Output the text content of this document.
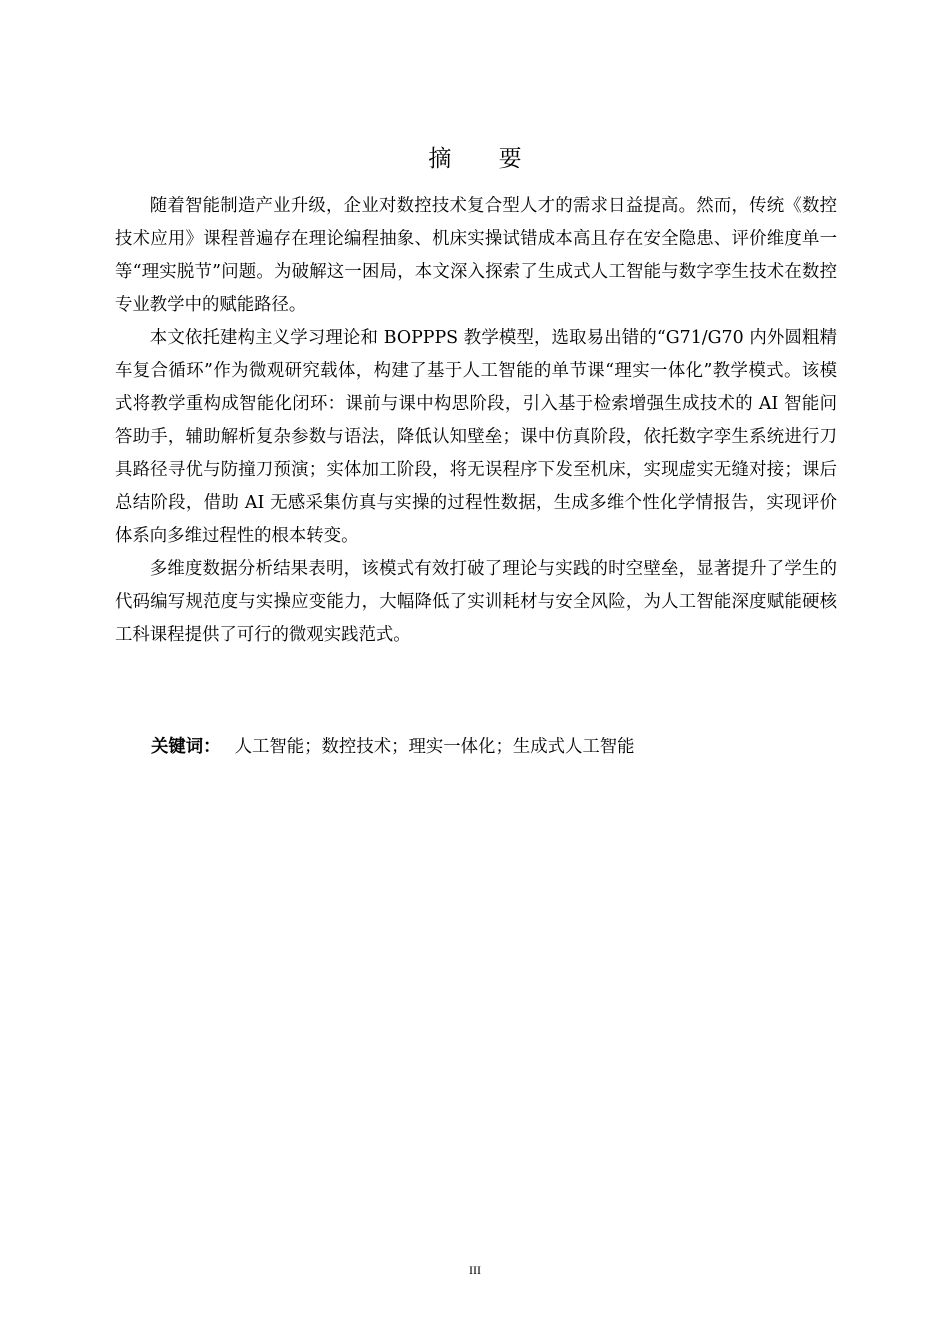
摘 要

随着智能制造产业升级，企业对数控技术复合型人才的需求日益提高。然而，传统《数控技术应用》课程普遍存在理论编程抽象、机床实操试错成本高且存在安全隐患、评价维度单一等“理实脱节”问题。为破解这一困局，本文深入探索了生成式人工智能与数字孪生技术在数控专业教学中的赋能路径。

本文依托建构主义学习理论和 BOPPPS 教学模型，选取易出错的“G71/G70 内外圆粗精车复合循环”作为微观研究载体，构建了基于人工智能的单节课“理实一体化”教学模式。该模式将教学重构成智能化闭环：课前与课中构思阶段，引入基于检索增强生成技术的 AI 智能问答助手，辅助解析复杂参数与语法，降低认知壁垒；课中仿真阶段，依托数字孪生系统进行刀具路径寻优与防撞刀预演；实体加工阶段，将无误程序下发至机床，实现虚实无缝对接；课后总结阶段，借助 AI 无感采集仿真与实操的过程性数据，生成多维个性化学情报告，实现评价体系向多维过程性的根本转变。

多维度数据分析结果表明，该模式有效打破了理论与实践的时空壁垒，显著提升了学生的代码编写规范度与实操应变能力，大幅降低了实训耗材与安全风险，为人工智能深度赋能硬核工科课程提供了可行的微观实践范式。

关键词： 人工智能；数控技术；理实一体化；生成式人工智能
III
